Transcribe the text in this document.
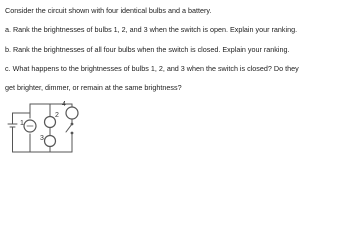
Consider the circuit shown with four identical bulbs and a battery.
a. Rank the brightnesses of bulbs 1, 2, and 3 when the switch is open. Explain your ranking.
b. Rank the brightnesses of all four bulbs when the switch is closed. Explain your ranking.
c. What happens to the brightnesses of bulbs 1, 2, and 3 when the switch is closed? Do they
get brighter, dimmer, or remain at the same brightness?
1
2
3
4
